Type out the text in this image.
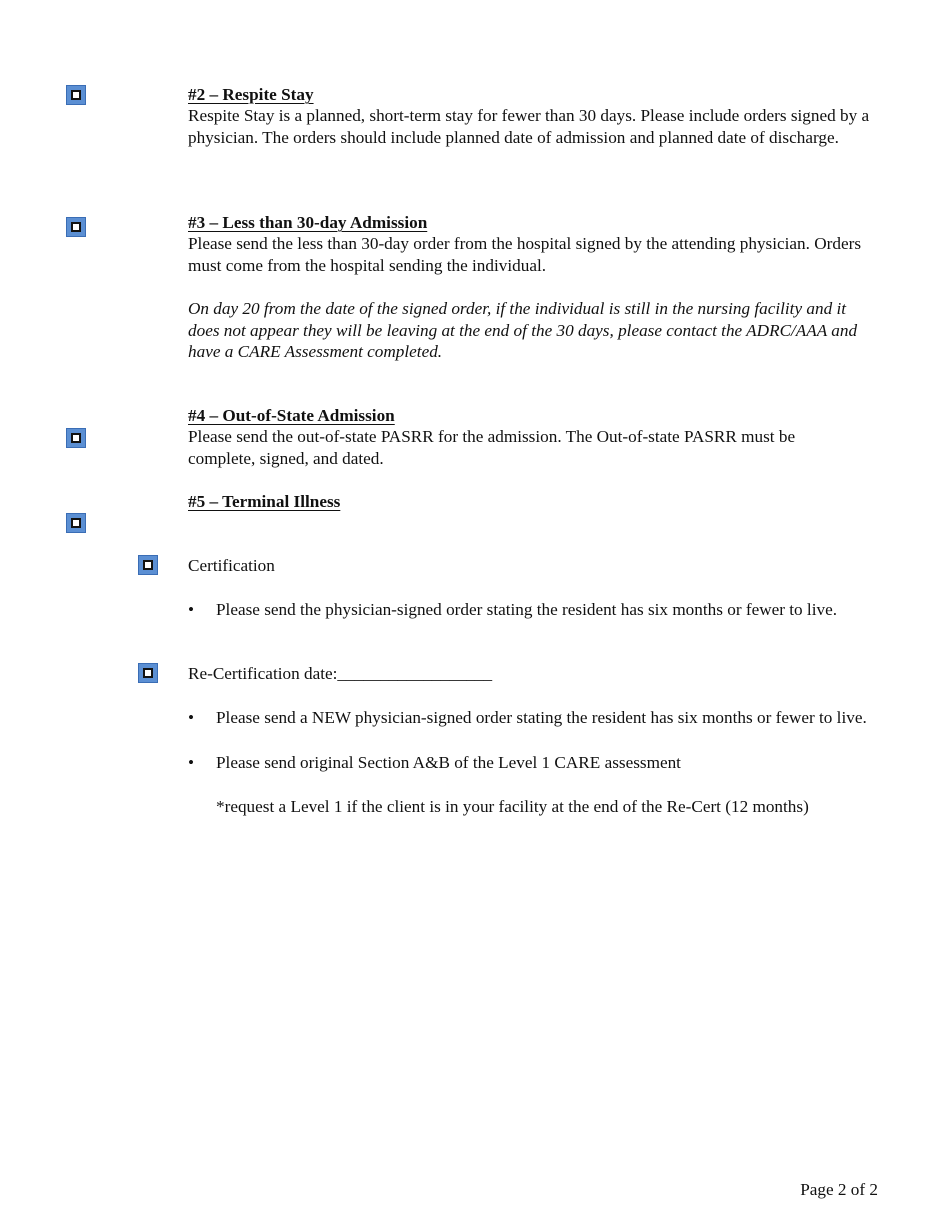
#2 – Respite Stay
Respite Stay is a planned, short-term stay for fewer than 30 days. Please include orders signed by a physician. The orders should include planned date of admission and planned date of discharge.
#3 – Less than 30-day Admission
Please send the less than 30-day order from the hospital signed by the attending physician. Orders must come from the hospital sending the individual.
On day 20 from the date of the signed order, if the individual is still in the nursing facility and it does not appear they will be leaving at the end of the 30 days, please contact the ADRC/AAA and have a CARE Assessment completed.
#4 – Out-of-State Admission
Please send the out-of-state PASRR for the admission. The Out-of-state PASRR must be complete, signed, and dated.
#5 – Terminal Illness
Certification
•	Please send the physician-signed order stating the resident has six months or fewer to live.
Re-Certification date:__________________
•	Please send a NEW physician-signed order stating the resident has six months or fewer to live.
•	Please send original Section A&B of the Level 1 CARE assessment
*request a Level 1 if the client is in your facility at the end of the Re-Cert (12 months)
Page 2 of 2
